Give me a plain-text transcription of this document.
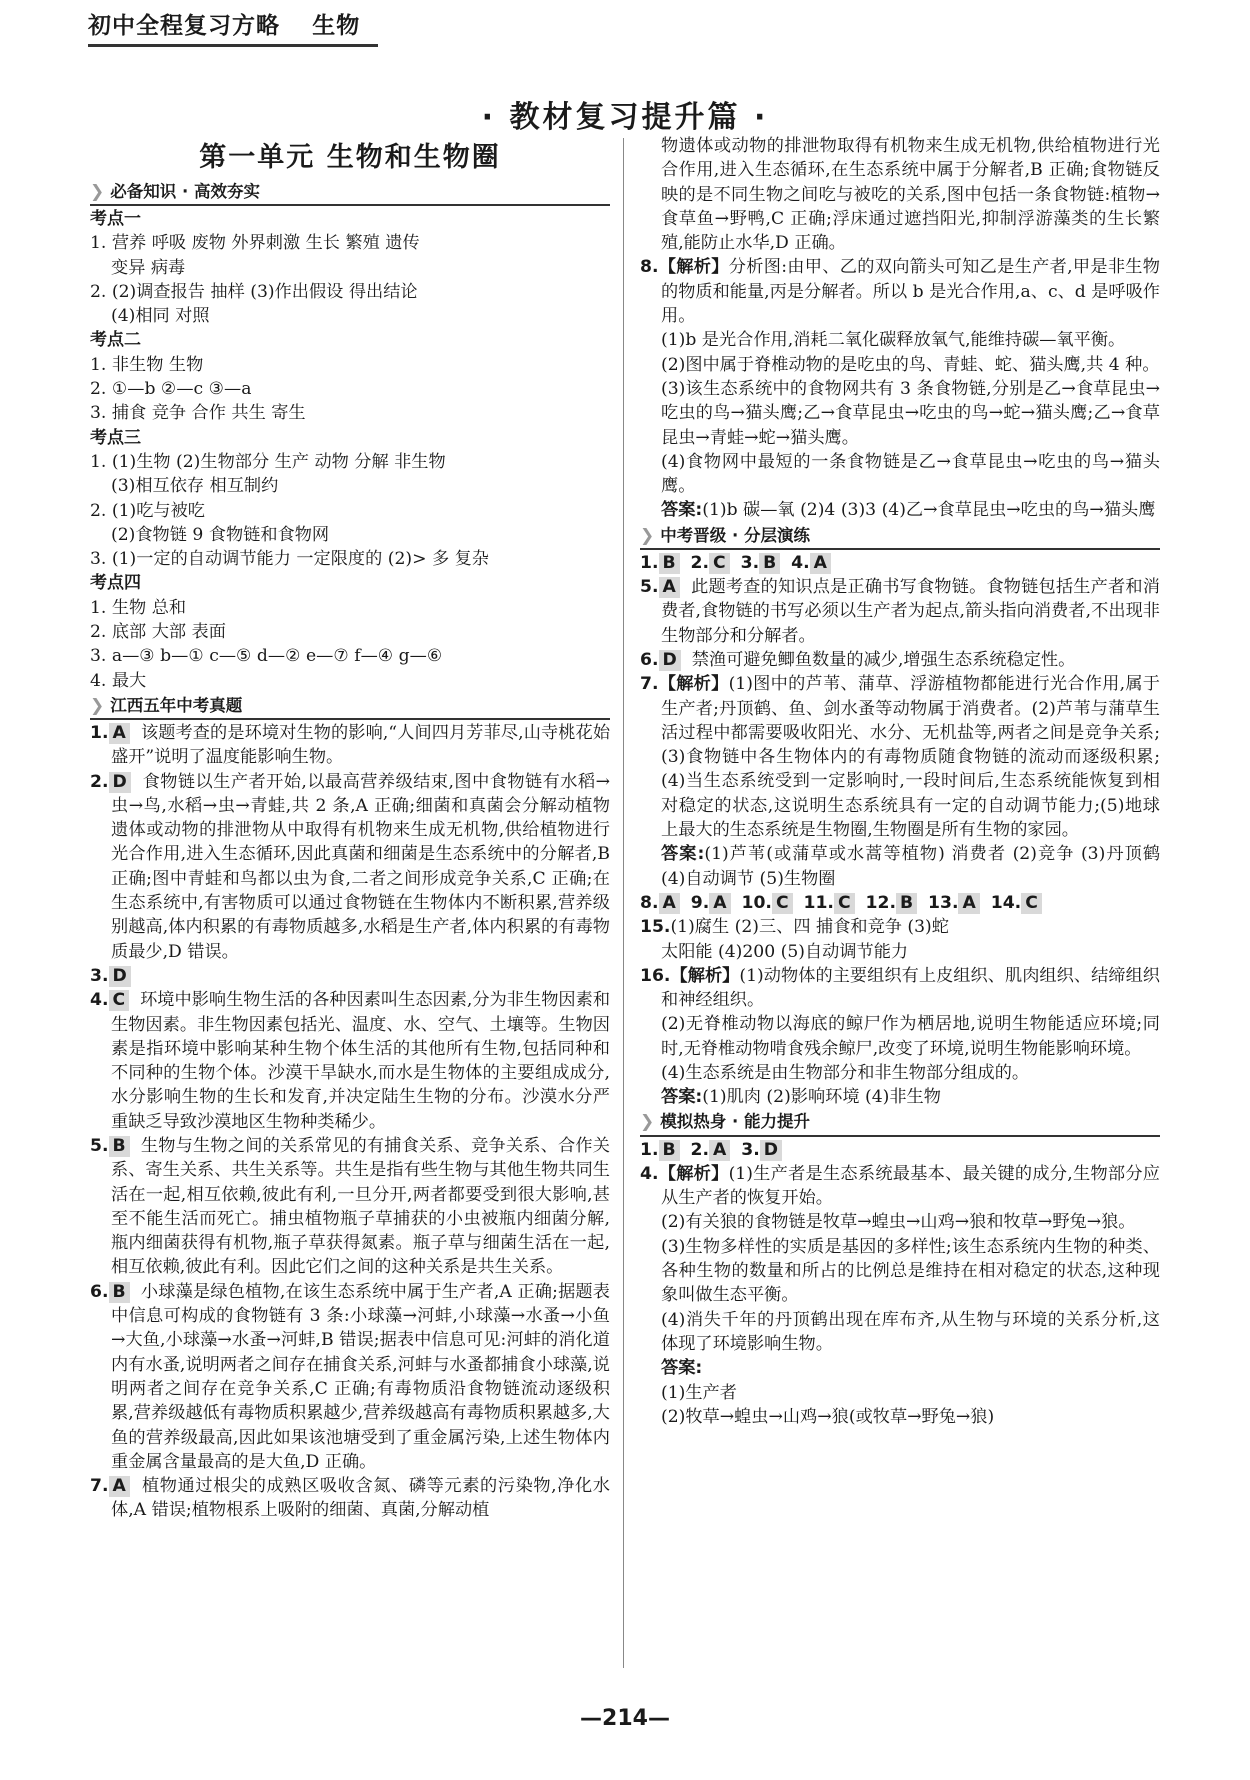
初中全程复习方略 生物
· 教材复习提升篇 ·
第一单元 生物和生物圈
❯ 必备知识 · 高效夯实
考点一
1. 营养 呼吸 废物 外界刺激 生长 繁殖 遗传
变异 病毒
2. (2)调查报告 抽样 (3)作出假设 得出结论
(4)相同 对照
考点二
1. 非生物 生物
2. ①—b ②—c ③—a
3. 捕食 竞争 合作 共生 寄生
考点三
1. (1)生物 (2)生物部分 生产 动物 分解 非生物
(3)相互依存 相互制约
2. (1)吃与被吃
(2)食物链 9 食物链和食物网
3. (1)一定的自动调节能力 一定限度的 (2)> 多 复杂
考点四
1. 生物 总和
2. 底部 大部 表面
3. a—③ b—① c—⑤ d—② e—⑦ f—④ g—⑥
4. 最大
❯ 江西五年中考真题
1. A 该题考查的是环境对生物的影响,“人间四月芳菲尽,山寺桃花始盛开”说明了温度能影响生物。
2. D 食物链以生产者开始,以最高营养级结束,图中食物链有水稻→虫→鸟,水稻→虫→青蛙,共 2 条,A 正确;细菌和真菌会分解动植物遗体或动物的排泄物从中取得有机物来生成无机物,供给植物进行光合作用,进入生态循环,因此真菌和细菌是生态系统中的分解者,B 正确;图中青蛙和鸟都以虫为食,二者之间形成竞争关系,C 正确;在生态系统中,有害物质可以通过食物链在生物体内不断积累,营养级别越高,体内积累的有毒物质越多,水稻是生产者,体内积累的有毒物质最少,D 错误。
3. D
4. C 环境中影响生物生活的各种因素叫生态因素,分为非生物因素和生物因素。非生物因素包括光、温度、水、空气、土壤等。生物因素是指环境中影响某种生物个体生活的其他所有生物,包括同种和不同种的生物个体。沙漠干旱缺水,而水是生物体的主要组成成分,水分影响生物的生长和发育,并决定陆生生物的分布。沙漠水分严重缺乏导致沙漠地区生物种类稀少。
5. B 生物与生物之间的关系常见的有捕食关系、竞争关系、合作关系、寄生关系、共生关系等。共生是指有些生物与其他生物共同生活在一起,相互依赖,彼此有利,一旦分开,两者都要受到很大影响,甚至不能生活而死亡。捕虫植物瓶子草捕获的小虫被瓶内细菌分解,瓶内细菌获得有机物,瓶子草获得氮素。瓶子草与细菌生活在一起,相互依赖,彼此有利。因此它们之间的这种关系是共生关系。
6. B 小球藻是绿色植物,在该生态系统中属于生产者,A 正确;据题表中信息可构成的食物链有 3 条:小球藻→河蚌,小球藻→水蚤→小鱼→大鱼,小球藻→水蚤→河蚌,B 错误;据表中信息可见:河蚌的消化道内有水蚤,说明两者之间存在捕食关系,河蚌与水蚤都捕食小球藻,说明两者之间存在竞争关系,C 正确;有毒物质沿食物链流动逐级积累,营养级越低有毒物质积累越少,营养级越高有毒物质积累越多,大鱼的营养级最高,因此如果该池塘受到了重金属污染,上述生物体内重金属含量最高的是大鱼,D 正确。
7. A 植物通过根尖的成熟区吸收含氮、磷等元素的污染物,净化水体,A 错误;植物根系上吸附的细菌、真菌,分解动植
物遗体或动物的排泄物取得有机物来生成无机物,供给植物进行光合作用,进入生态循环,在生态系统中属于分解者,B 正确;食物链反映的是不同生物之间吃与被吃的关系,图中包括一条食物链:植物→食草鱼→野鸭,C 正确;浮床通过遮挡阳光,抑制浮游藻类的生长繁殖,能防止水华,D 正确。
8.【解析】分析图:由甲、乙的双向箭头可知乙是生产者,甲是非生物的物质和能量,丙是分解者。所以 b 是光合作用,a、c、d 是呼吸作用。
(1)b 是光合作用,消耗二氧化碳释放氧气,能维持碳—氧平衡。
(2)图中属于脊椎动物的是吃虫的鸟、青蛙、蛇、猫头鹰,共 4 种。
(3)该生态系统中的食物网共有 3 条食物链,分别是乙→食草昆虫→吃虫的鸟→猫头鹰;乙→食草昆虫→吃虫的鸟→蛇→猫头鹰;乙→食草昆虫→青蛙→蛇→猫头鹰。
(4)食物网中最短的一条食物链是乙→食草昆虫→吃虫的鸟→猫头鹰。
答案:(1)b 碳—氧 (2)4 (3)3 (4)乙→食草昆虫→吃虫的鸟→猫头鹰
❯ 中考晋级 · 分层演练
1. B 2. C 3. B 4. A
5. A 此题考查的知识点是正确书写食物链。食物链包括生产者和消费者,食物链的书写必须以生产者为起点,箭头指向消费者,不出现非生物部分和分解者。
6. D 禁渔可避免鲫鱼数量的减少,增强生态系统稳定性。
7.【解析】(1)图中的芦苇、蒲草、浮游植物都能进行光合作用,属于生产者;丹顶鹤、鱼、剑水蚤等动物属于消费者。(2)芦苇与蒲草生活过程中都需要吸收阳光、水分、无机盐等,两者之间是竞争关系;(3)食物链中各生物体内的有毒物质随食物链的流动而逐级积累;(4)当生态系统受到一定影响时,一段时间后,生态系统能恢复到相对稳定的状态,这说明生态系统具有一定的自动调节能力;(5)地球上最大的生态系统是生物圈,生物圈是所有生物的家园。
答案:(1)芦苇(或蒲草或水蒿等植物) 消费者 (2)竞争 (3)丹顶鹤 (4)自动调节 (5)生物圈
8. A 9. A 10. C 11. C 12. B 13. A 14. C
15.(1)腐生 (2)三、四 捕食和竞争 (3)蛇
太阳能 (4)200 (5)自动调节能力
16.【解析】(1)动物体的主要组织有上皮组织、肌肉组织、结缔组织和神经组织。
(2)无脊椎动物以海底的鲸尸作为栖居地,说明生物能适应环境;同时,无脊椎动物啃食残余鲸尸,改变了环境,说明生物能影响环境。
(4)生态系统是由生物部分和非生物部分组成的。
答案:(1)肌肉 (2)影响环境 (4)非生物
❯ 模拟热身 · 能力提升
1. B 2. A 3. D
4.【解析】(1)生产者是生态系统最基本、最关键的成分,生物部分应从生产者的恢复开始。
(2)有关狼的食物链是牧草→蝗虫→山鸡→狼和牧草→野兔→狼。
(3)生物多样性的实质是基因的多样性;该生态系统内生物的种类、各种生物的数量和所占的比例总是维持在相对稳定的状态,这种现象叫做生态平衡。
(4)消失千年的丹顶鹤出现在库布齐,从生物与环境的关系分析,这体现了环境影响生物。
答案:
(1)生产者
(2)牧草→蝗虫→山鸡→狼(或牧草→野兔→狼)
—214—
